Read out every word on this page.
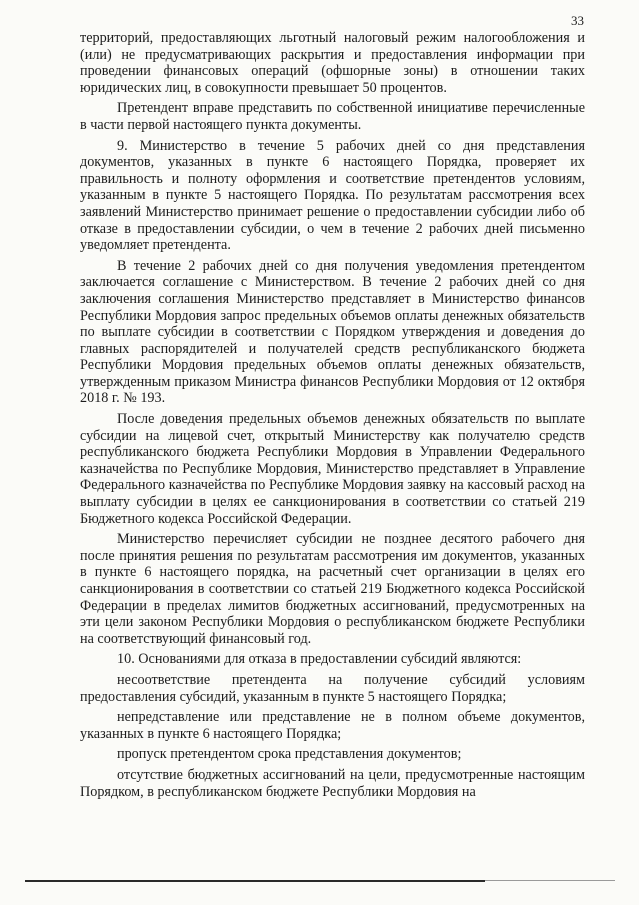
33

территорий, предоставляющих льготный налоговый режим налогообложения и (или) не предусматривающих раскрытия и предоставления информации при проведении финансовых операций (офшорные зоны) в отношении таких юридических лиц, в совокупности превышает 50 процентов.

Претендент вправе представить по собственной инициативе перечисленные в части первой настоящего пункта документы.

9. Министерство в течение 5 рабочих дней со дня представления документов, указанных в пункте 6 настоящего Порядка, проверяет их правильность и полноту оформления и соответствие претендентов условиям, указанным в пункте 5 настоящего Порядка. По результатам рассмотрения всех заявлений Министерство принимает решение о предоставлении субсидии либо об отказе в предоставлении субсидии, о чем в течение 2 рабочих дней письменно уведомляет претендента.

В течение 2 рабочих дней со дня получения уведомления претендентом заключается соглашение с Министерством. В течение 2 рабочих дней со дня заключения соглашения Министерство представляет в Министерство финансов Республики Мордовия запрос предельных объемов оплаты денежных обязательств по выплате субсидии в соответствии с Порядком утверждения и доведения до главных распорядителей и получателей средств республиканского бюджета Республики Мордовия предельных объемов оплаты денежных обязательств, утвержденным приказом Министра финансов Республики Мордовия от 12 октября 2018 г. № 193.

После доведения предельных объемов денежных обязательств по выплате субсидии на лицевой счет, открытый Министерству как получателю средств республиканского бюджета Республики Мордовия в Управлении Федерального казначейства по Республике Мордовия, Министерство представляет в Управление Федерального казначейства по Республике Мордовия заявку на кассовый расход на выплату субсидии в целях ее санкционирования в соответствии со статьей 219 Бюджетного кодекса Российской Федерации.

Министерство перечисляет субсидии не позднее десятого рабочего дня после принятия решения по результатам рассмотрения им документов, указанных в пункте 6 настоящего порядка, на расчетный счет организации в целях его санкционирования в соответствии со статьей 219 Бюджетного кодекса Российской Федерации в пределах лимитов бюджетных ассигнований, предусмотренных на эти цели законом Республики Мордовия о республиканском бюджете Республики на соответствующий финансовый год.

10. Основаниями для отказа в предоставлении субсидий являются:

несоответствие претендента на получение субсидий условиям предоставления субсидий, указанным в пункте 5 настоящего Порядка;

непредставление или представление не в полном объеме документов, указанных в пункте 6 настоящего Порядка;

пропуск претендентом срока представления документов;

отсутствие бюджетных ассигнований на цели, предусмотренные настоящим Порядком, в республиканском бюджете Республики Мордовия на
